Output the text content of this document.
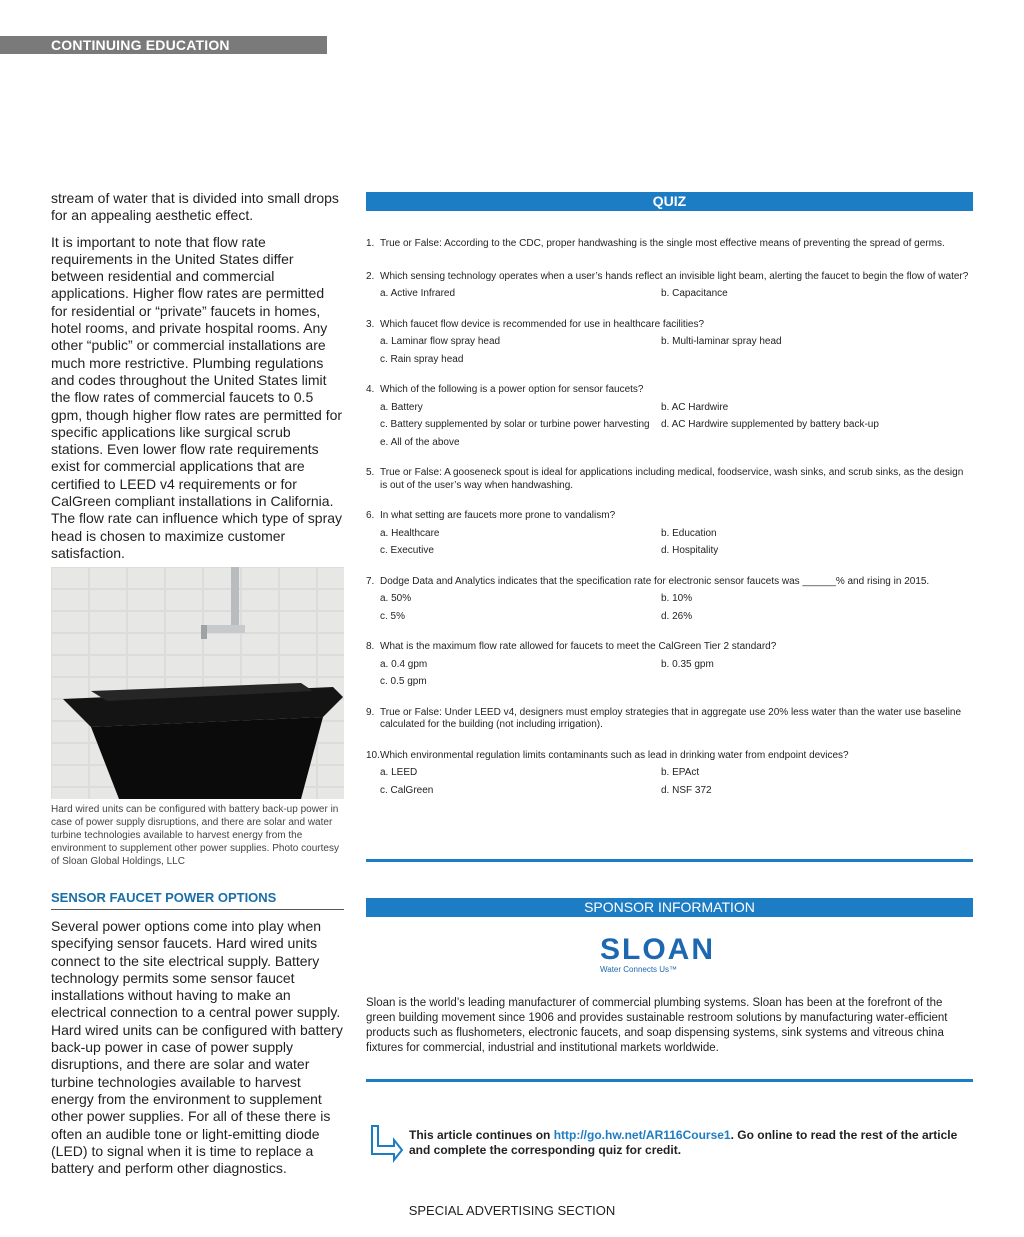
CONTINUING EDUCATION

stream of water that is divided into small drops for an appealing aesthetic effect.

It is important to note that flow rate requirements in the United States differ between residential and commercial applications. Higher flow rates are permitted for residential or “private” faucets in homes, hotel rooms, and private hospital rooms. Any other “public” or commercial installations are much more restrictive. Plumbing regulations and codes throughout the United States limit the flow rates of commercial faucets to 0.5 gpm, though higher flow rates are permitted for specific applications like surgical scrub stations. Even lower flow rate requirements exist for commercial applications that are certified to LEED v4 requirements or for CalGreen compliant installations in California. The flow rate can influence which type of spray head is chosen to maximize customer satisfaction.

Hard wired units can be configured with battery back-up power in case of power supply disruptions, and there are solar and water turbine technologies available to harvest energy from the environment to supplement other power supplies. Photo courtesy of Sloan Global Holdings, LLC

SENSOR FAUCET POWER OPTIONS

Several power options come into play when specifying sensor faucets. Hard wired units connect to the site electrical supply. Battery technology permits some sensor faucet installations without having to make an electrical connection to a central power supply. Hard wired units can be configured with battery back-up power in case of power supply disruptions, and there are solar and water turbine technologies available to harvest energy from the environment to supplement other power supplies. For all of these there is often an audible tone or light-emitting diode (LED) to signal when it is time to replace a battery and perform other diagnostics.

QUIZ
1. True or False: According to the CDC, proper handwashing is the single most effective means of preventing the spread of germs.
2. Which sensing technology operates when a user’s hands reflect an invisible light beam, alerting the faucet to begin the flow of water?
a. Active Infrared	b. Capacitance
3. Which faucet flow device is recommended for use in healthcare facilities?
a. Laminar flow spray head	b. Multi-laminar spray head
c. Rain spray head
4. Which of the following is a power option for sensor faucets?
a. Battery	b. AC Hardwire
c. Battery supplemented by solar or turbine power harvesting	d. AC Hardwire supplemented by battery back-up
e. All of the above
5. True or False: A gooseneck spout is ideal for applications including medical, foodservice, wash sinks, and scrub sinks, as the design is out of the user’s way when handwashing.
6. In what setting are faucets more prone to vandalism?
a. Healthcare	b. Education
c. Executive	d. Hospitality
7. Dodge Data and Analytics indicates that the specification rate for electronic sensor faucets was ______% and rising in 2015.
a. 50%	b. 10%
c. 5%	d. 26%
8. What is the maximum flow rate allowed for faucets to meet the CalGreen Tier 2 standard?
a. 0.4 gpm	b. 0.35 gpm
c. 0.5 gpm
9. True or False: Under LEED v4, designers must employ strategies that in aggregate use 20% less water than the water use baseline calculated for the building (not including irrigation).
10. Which environmental regulation limits contaminants such as lead in drinking water from endpoint devices?
a. LEED	b. EPAct
c. CalGreen	d. NSF 372
SPONSOR INFORMATION
SLOAN
Water Connects Us™

Sloan is the world’s leading manufacturer of commercial plumbing systems. Sloan has been at the forefront of the green building movement since 1906 and provides sustainable restroom solutions by manufacturing water-efficient products such as flushometers, electronic faucets, and soap dispensing systems, sink systems and vitreous china fixtures for commercial, industrial and institutional markets worldwide.

This article continues on http://go.hw.net/AR116Course1. Go online to read the rest of the article and complete the corresponding quiz for credit.
SPECIAL ADVERTISING SECTION
